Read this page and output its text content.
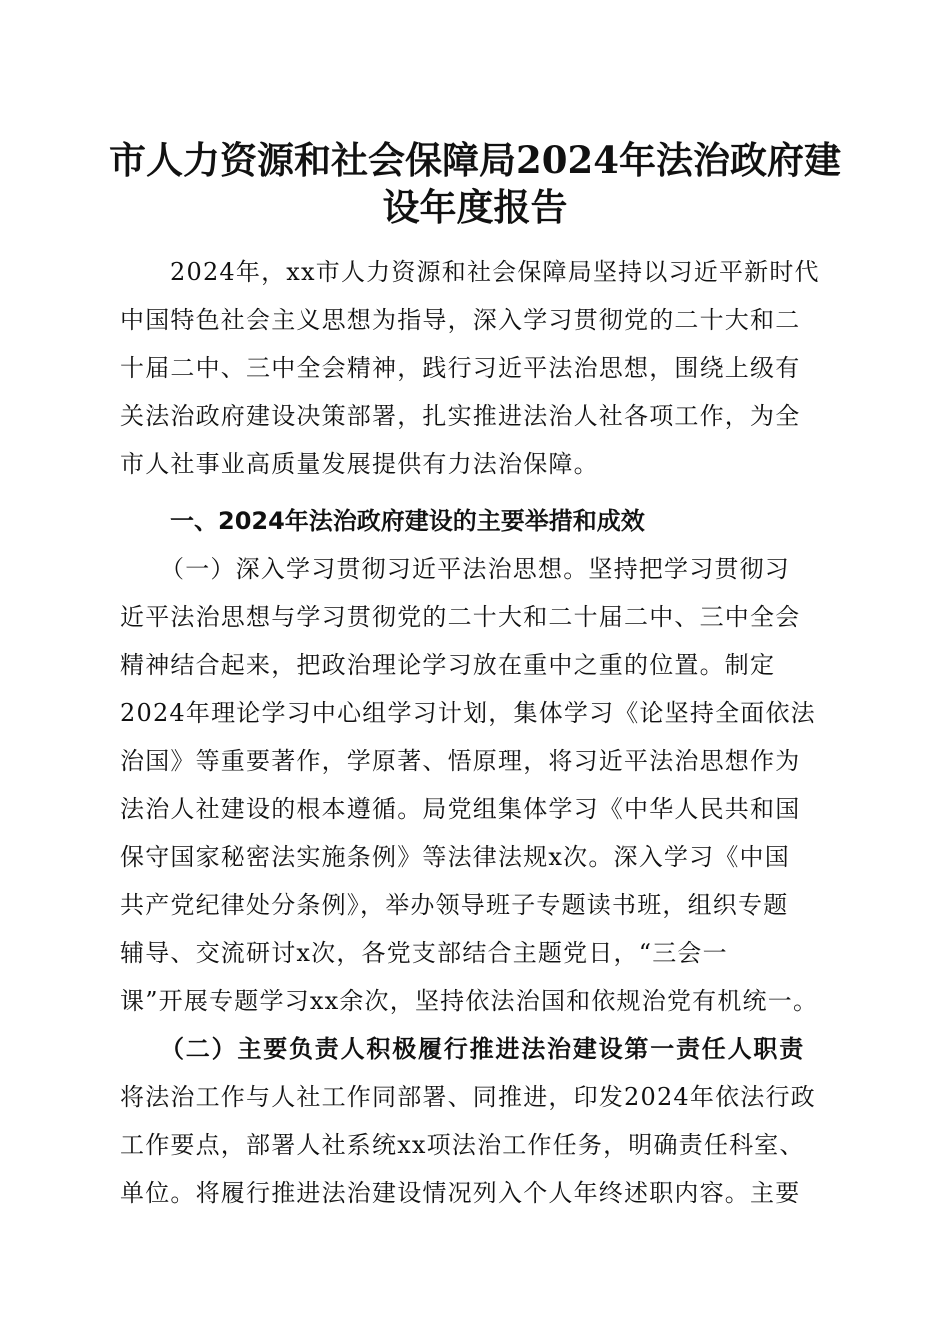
市人力资源和社会保障局2024年法治政府建
设年度报告
2024年，xx市人力资源和社会保障局坚持以习近平新时代
中国特色社会主义思想为指导，深入学习贯彻党的二十大和二
十届二中、三中全会精神，践行习近平法治思想，围绕上级有
关法治政府建设决策部署，扎实推进法治人社各项工作，为全
市人社事业高质量发展提供有力法治保障。
一、2024年法治政府建设的主要举措和成效
（一）深入学习贯彻习近平法治思想。坚持把学习贯彻习
近平法治思想与学习贯彻党的二十大和二十届二中、三中全会
精神结合起来，把政治理论学习放在重中之重的位置。制定
2024年理论学习中心组学习计划，集体学习《论坚持全面依法
治国》等重要著作，学原著、悟原理，将习近平法治思想作为
法治人社建设的根本遵循。局党组集体学习《中华人民共和国
保守国家秘密法实施条例》等法律法规x次。深入学习《中国
共产党纪律处分条例》，举办领导班子专题读书班，组织专题
辅导、交流研讨x次，各党支部结合主题党日，“三会一
课”开展专题学习xx余次，坚持依法治国和依规治党有机统一。
（二）主要负责人积极履行推进法治建设第一责任人职责
将法治工作与人社工作同部署、同推进，印发2024年依法行政
工作要点，部署人社系统xx项法治工作任务，明确责任科室、
单位。将履行推进法治建设情况列入个人年终述职内容。主要
